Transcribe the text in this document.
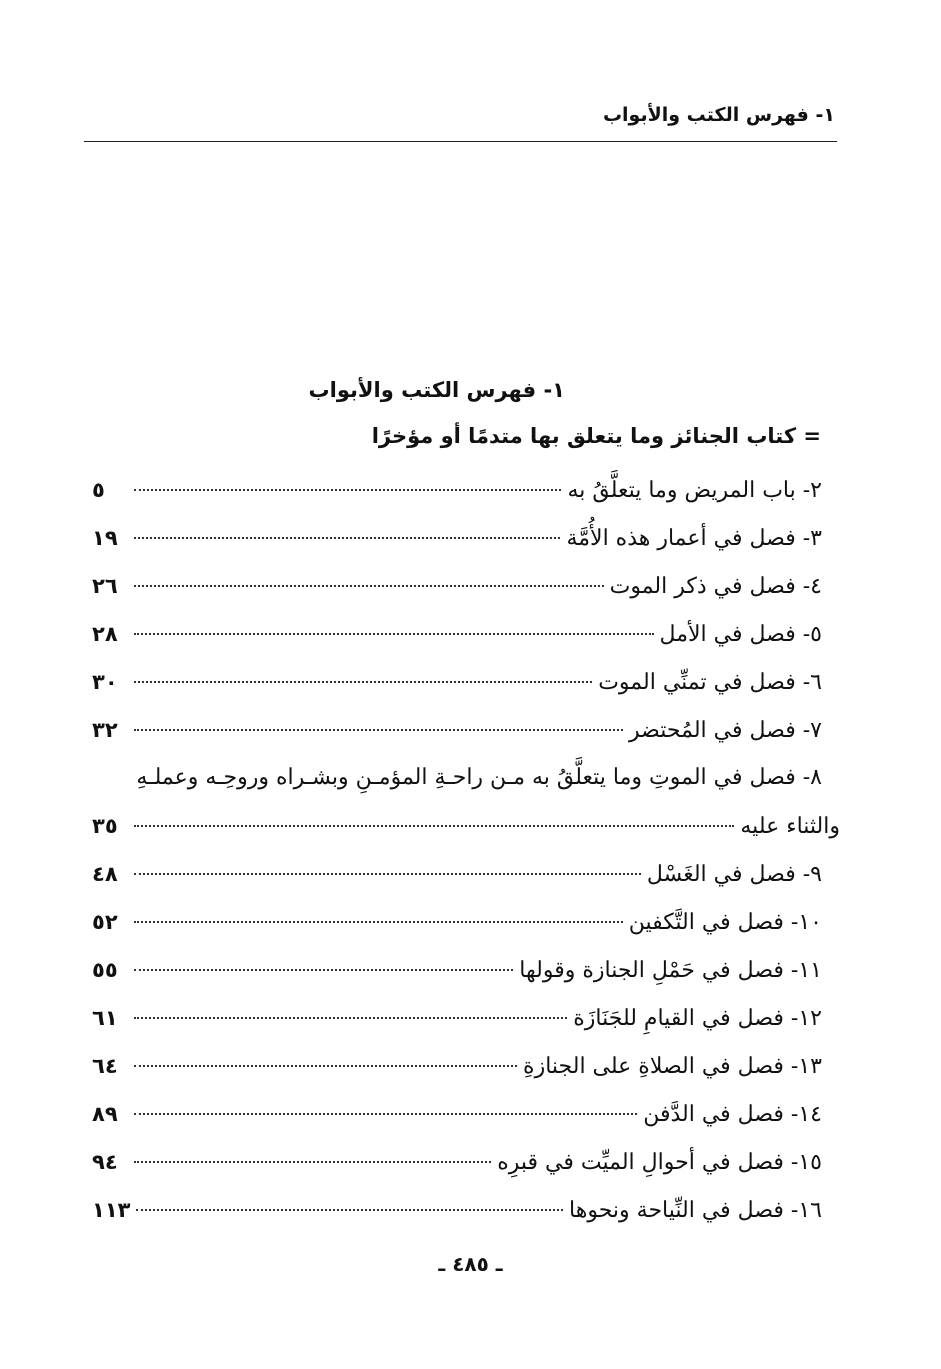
١- فهرس الكتب والأبواب
١- فهرس الكتب والأبواب
= كتاب الجنائز وما يتعلق بها متدمًا أو مؤخرًا
٢- باب المريض وما يتعلَّقُ به
٥
٣- فصل في أعمار هذه الأُمَّة
١٩
٤- فصل في ذكر الموت
٢٦
٥- فصل في الأمل
٢٨
٦- فصل في تمنِّي الموت
٣٠
٧- فصل في المُحتضر
٣٢
٨- فصل في الموتِ وما يتعلَّقُ به مـن راحـةِ المؤمـنِ وبشـراه وروحِـه وعملـهِ
والثناء عليه
٣٥
٩- فصل في الغَسْل
٤٨
١٠- فصل في التَّكفين
٥٢
١١- فصل في حَمْلِ الجنازة وقولها
٥٥
١٢- فصل في القيامِ للجَنَازَة
٦١
١٣- فصل في الصلاةِ على الجنازةِ
٦٤
١٤- فصل في الدَّفن
٨٩
١٥- فصل في أحوالِ الميِّت في قبرِه
٩٤
١٦- فصل في النِّياحة ونحوها
١١٣
ـ ٤٨٥ ـ
